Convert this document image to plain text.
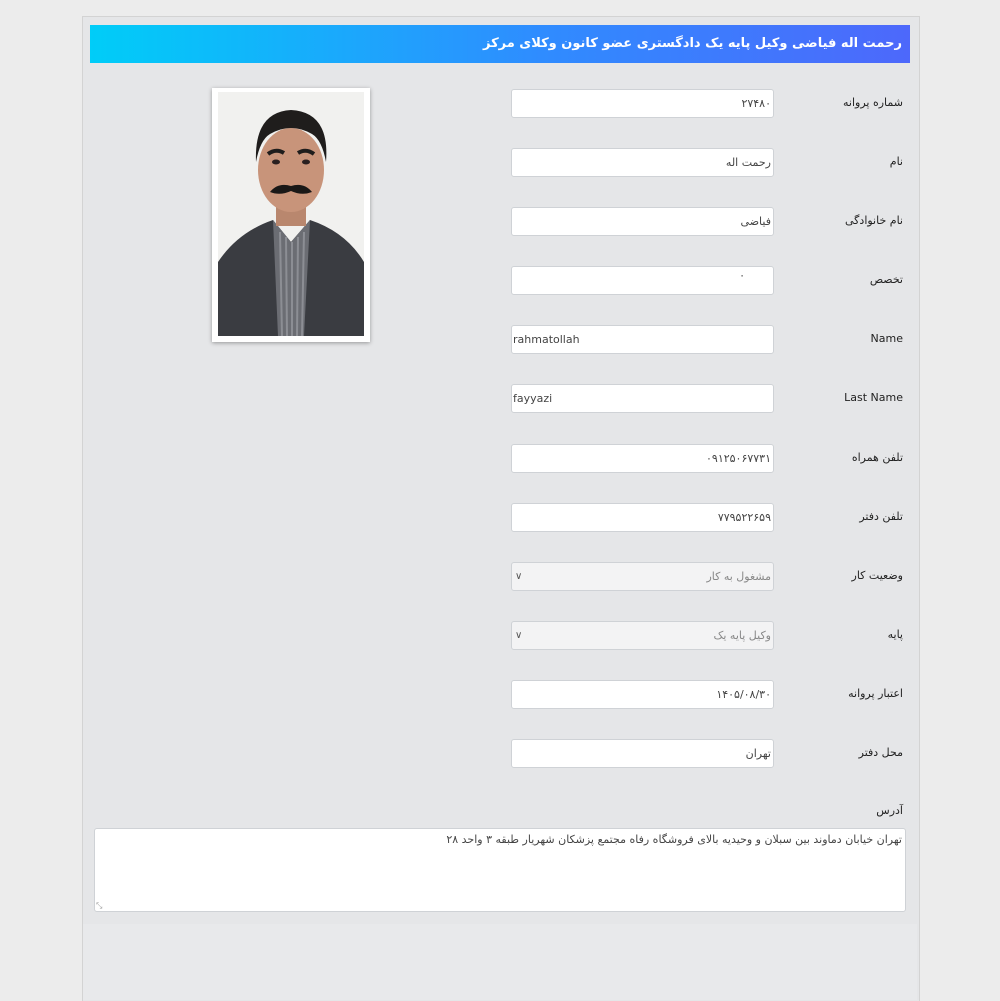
رحمت اله فیاضی وکیل پایه یک دادگستری عضو کانون وکلای مرکز
شماره پروانه
نام
نام خانوادگی
تخصص
Name
Last Name
تلفن همراه
تلفن دفتر
وضعیت کار
پایه
اعتبار پروانه
محل دفتر
۲۷۴۸۰
رحمت اله
فیاضی
۰
rahmatollah
fayyazi
۰۹۱۲۵۰۶۷۷۳۱
۷۷۹۵۲۲۶۵۹
مشغول به کار
∨
وکیل پایه یک
∨
۱۴۰۵/۰۸/۳۰
تهران
آدرس
تهران خیابان دماوند بین سبلان و وحیدیه بالای فروشگاه رفاه مجتمع پزشکان شهریار طبقه ۳ واحد ۲۸
⤡
